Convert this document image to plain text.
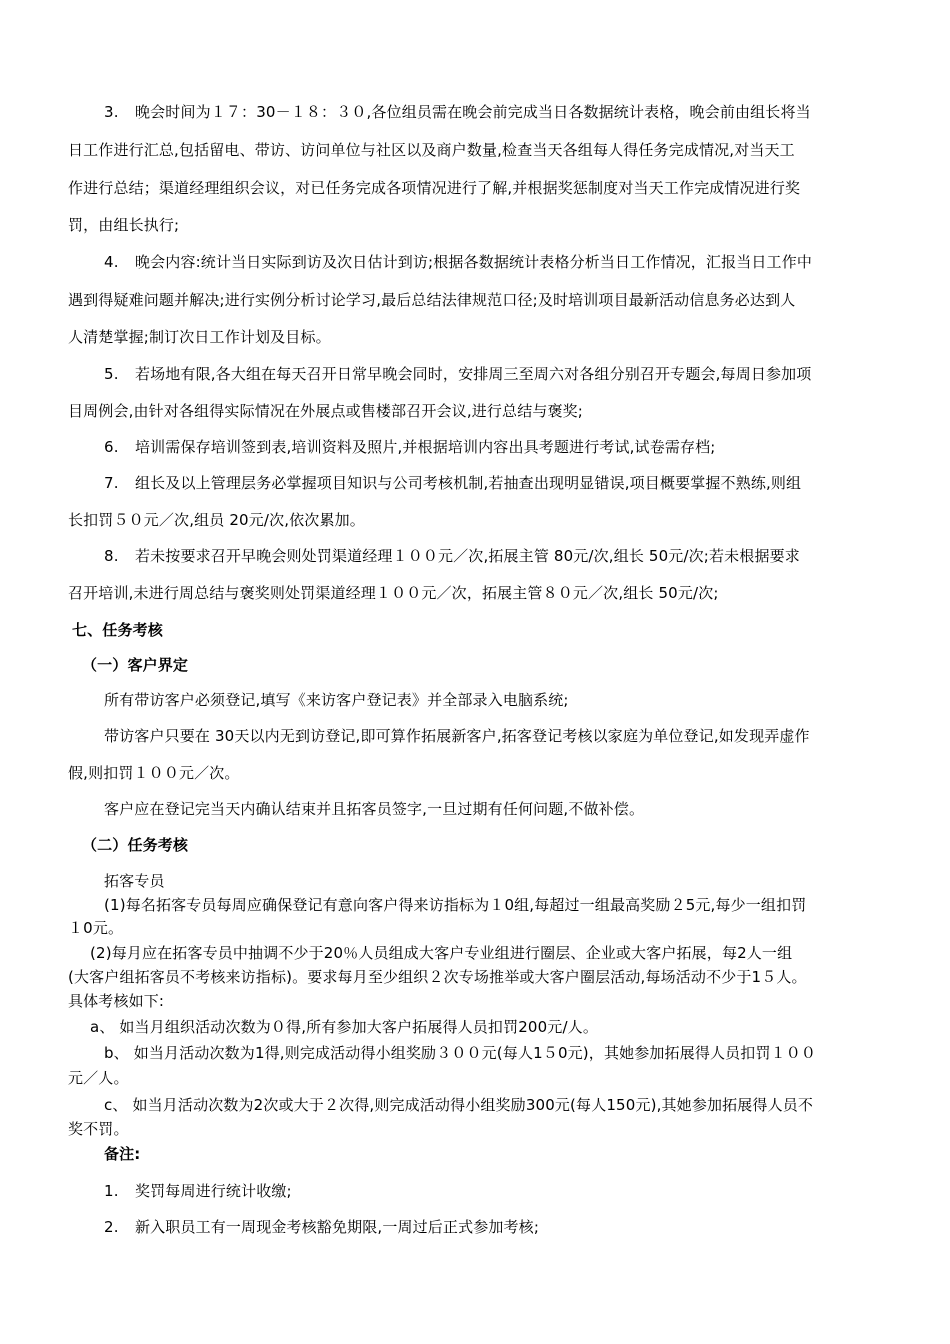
3. 晚会时间为１７：30－１８：３０,各位组员需在晚会前完成当日各数据统计表格，晚会前由组长将当
日工作进行汇总,包括留电、带访、访问单位与社区以及商户数量,检查当天各组每人得任务完成情况,对当天工
作进行总结；渠道经理组织会议，对已任务完成各项情况进行了解,并根据奖惩制度对当天工作完成情况进行奖
罚，由组长执行;
4. 晚会内容:统计当日实际到访及次日估计到访;根据各数据统计表格分析当日工作情况，汇报当日工作中
遇到得疑难问题并解决;进行实例分析讨论学习,最后总结法律规范口径;及时培训项目最新活动信息务必达到人
人清楚掌握;制订次日工作计划及目标。
5. 若场地有限,各大组在每天召开日常早晚会同时，安排周三至周六对各组分别召开专题会,每周日参加项
目周例会,由针对各组得实际情况在外展点或售楼部召开会议,进行总结与褒奖;
6. 培训需保存培训签到表,培训资料及照片,并根据培训内容出具考题进行考试,试卷需存档;
7. 组长及以上管理层务必掌握项目知识与公司考核机制,若抽查出现明显错误,项目概要掌握不熟练,则组
长扣罚５０元／次,组员 20元/次,依次累加。
8. 若未按要求召开早晚会则处罚渠道经理１００元／次,拓展主管 80元/次,组长 50元/次;若未根据要求
召开培训,未进行周总结与褒奖则处罚渠道经理１００元／次，拓展主管８０元／次,组长 50元/次;
七、任务考核
（一）客户界定
所有带访客户必须登记,填写《来访客户登记表》并全部录入电脑系统;
带访客户只要在 30天以内无到访登记,即可算作拓展新客户,拓客登记考核以家庭为单位登记,如发现弄虚作
假,则扣罚１００元／次。
客户应在登记完当天内确认结束并且拓客员签字,一旦过期有任何问题,不做补偿。
（二）任务考核
拓客专员
(1)每名拓客专员每周应确保登记有意向客户得来访指标为１0组,每超过一组最高奖励２5元,每少一组扣罚
１0元。
(2)每月应在拓客专员中抽调不少于20％人员组成大客户专业组进行圈层、企业或大客户拓展，每2人一组
(大客户组拓客员不考核来访指标)。要求每月至少组织２次专场推举或大客户圈层活动,每场活动不少于1５人。
具体考核如下:
a、 如当月组织活动次数为０得,所有参加大客户拓展得人员扣罚200元/人。
b、 如当月活动次数为1得,则完成活动得小组奖励３００元(每人1５0元)，其她参加拓展得人员扣罚１００
元／人。
c、 如当月活动次数为2次或大于２次得,则完成活动得小组奖励300元(每人150元),其她参加拓展得人员不
奖不罚。
备注:
1. 奖罚每周进行统计收缴;
2. 新入职员工有一周现金考核豁免期限,一周过后正式参加考核;
